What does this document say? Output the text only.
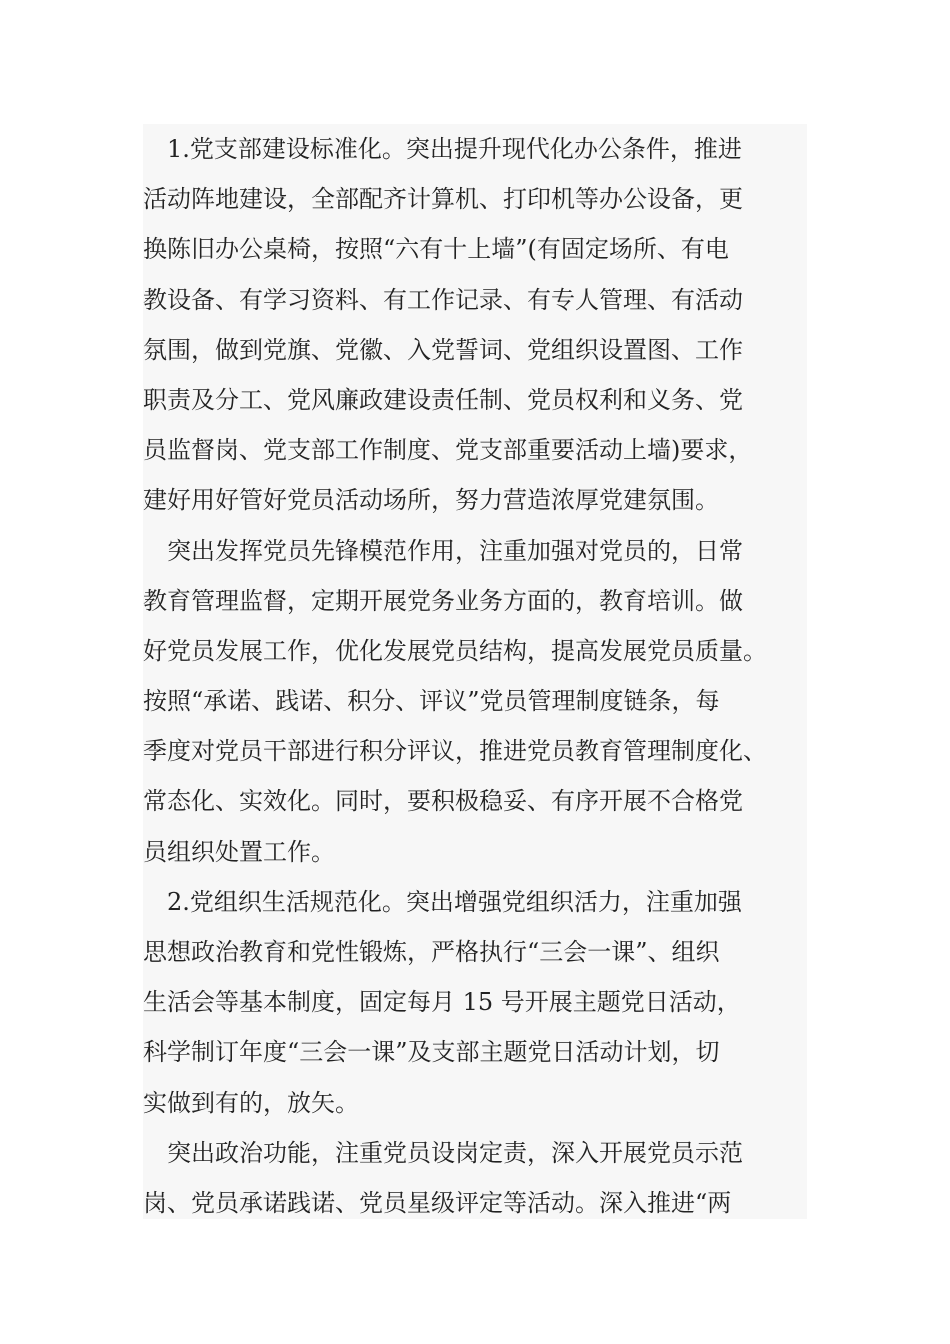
　1.党支部建设标准化。突出提升现代化办公条件，推进
活动阵地建设，全部配齐计算机、打印机等办公设备，更
换陈旧办公桌椅，按照“六有十上墙”(有固定场所、有电
教设备、有学习资料、有工作记录、有专人管理、有活动
氛围，做到党旗、党徽、入党誓词、党组织设置图、工作
职责及分工、党风廉政建设责任制、党员权利和义务、党
员监督岗、党支部工作制度、党支部重要活动上墙)要求，
建好用好管好党员活动场所，努力营造浓厚党建氛围。

　突出发挥党员先锋模范作用，注重加强对党员的，日常
教育管理监督，定期开展党务业务方面的，教育培训。做
好党员发展工作，优化发展党员结构，提高发展党员质量。
按照“承诺、践诺、积分、评议”党员管理制度链条，每
季度对党员干部进行积分评议，推进党员教育管理制度化、
常态化、实效化。同时，要积极稳妥、有序开展不合格党
员组织处置工作。

　2.党组织生活规范化。突出增强党组织活力，注重加强
思想政治教育和党性锻炼，严格执行“三会一课”、组织
生活会等基本制度，固定每月 15 号开展主题党日活动，
科学制订年度“三会一课”及支部主题党日活动计划，切
实做到有的，放矢。

　突出政治功能，注重党员设岗定责，深入开展党员示范
岗、党员承诺践诺、党员星级评定等活动。深入推进“两
